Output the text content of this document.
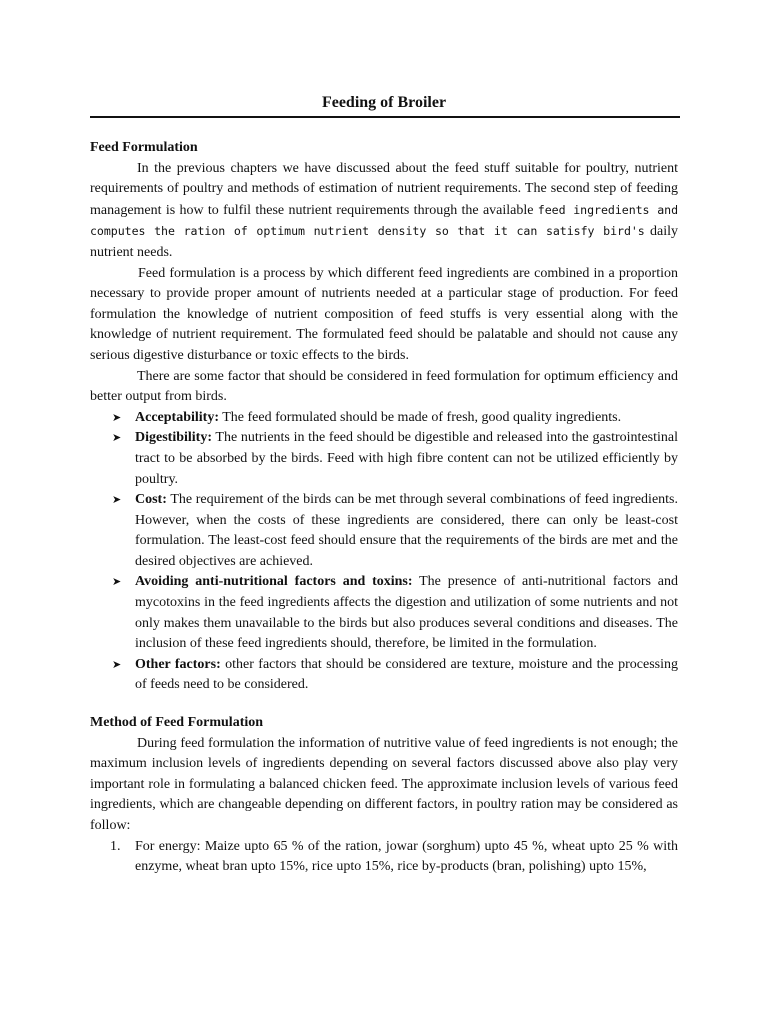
Feeding of Broiler

Feed Formulation

In the previous chapters we have discussed about the feed stuff suitable for poultry, nutrient requirements of poultry and methods of estimation of nutrient requirements. The second step of feeding management is how to fulfil these nutrient requirements through the available feed ingredients and computes the ration of optimum nutrient density so that it can satisfy bird's daily nutrient needs.

Feed formulation is a process by which different feed ingredients are combined in a proportion necessary to provide proper amount of nutrients needed at a particular stage of production. For feed formulation the knowledge of nutrient composition of feed stuffs is very essential along with the knowledge of nutrient requirement. The formulated feed should be palatable and should not cause any serious digestive disturbance or toxic effects to the birds.

There are some factor that should be considered in feed formulation for optimum efficiency and better output from birds.

➤ Acceptability: The feed formulated should be made of fresh, good quality ingredients.
➤ Digestibility: The nutrients in the feed should be digestible and released into the gastrointestinal tract to be absorbed by the birds. Feed with high fibre content can not be utilized efficiently by poultry.
➤ Cost: The requirement of the birds can be met through several combinations of feed ingredients. However, when the costs of these ingredients are considered, there can only be least-cost formulation. The least-cost feed should ensure that the requirements of the birds are met and the desired objectives are achieved.
➤ Avoiding anti-nutritional factors and toxins: The presence of anti-nutritional factors and mycotoxins in the feed ingredients affects the digestion and utilization of some nutrients and not only makes them unavailable to the birds but also produces several conditions and diseases. The inclusion of these feed ingredients should, therefore, be limited in the formulation.
➤ Other factors: other factors that should be considered are texture, moisture and the processing of feeds need to be considered.

Method of Feed Formulation

During feed formulation the information of nutritive value of feed ingredients is not enough; the maximum inclusion levels of ingredients depending on several factors discussed above also play very important role in formulating a balanced chicken feed. The approximate inclusion levels of various feed ingredients, which are changeable depending on different factors, in poultry ration may be considered as follow:

1. For energy: Maize upto 65 % of the ration, jowar (sorghum) upto 45 %, wheat upto 25 % with enzyme, wheat bran upto 15%, rice upto 15%, rice by-products (bran, polishing) upto 15%,
